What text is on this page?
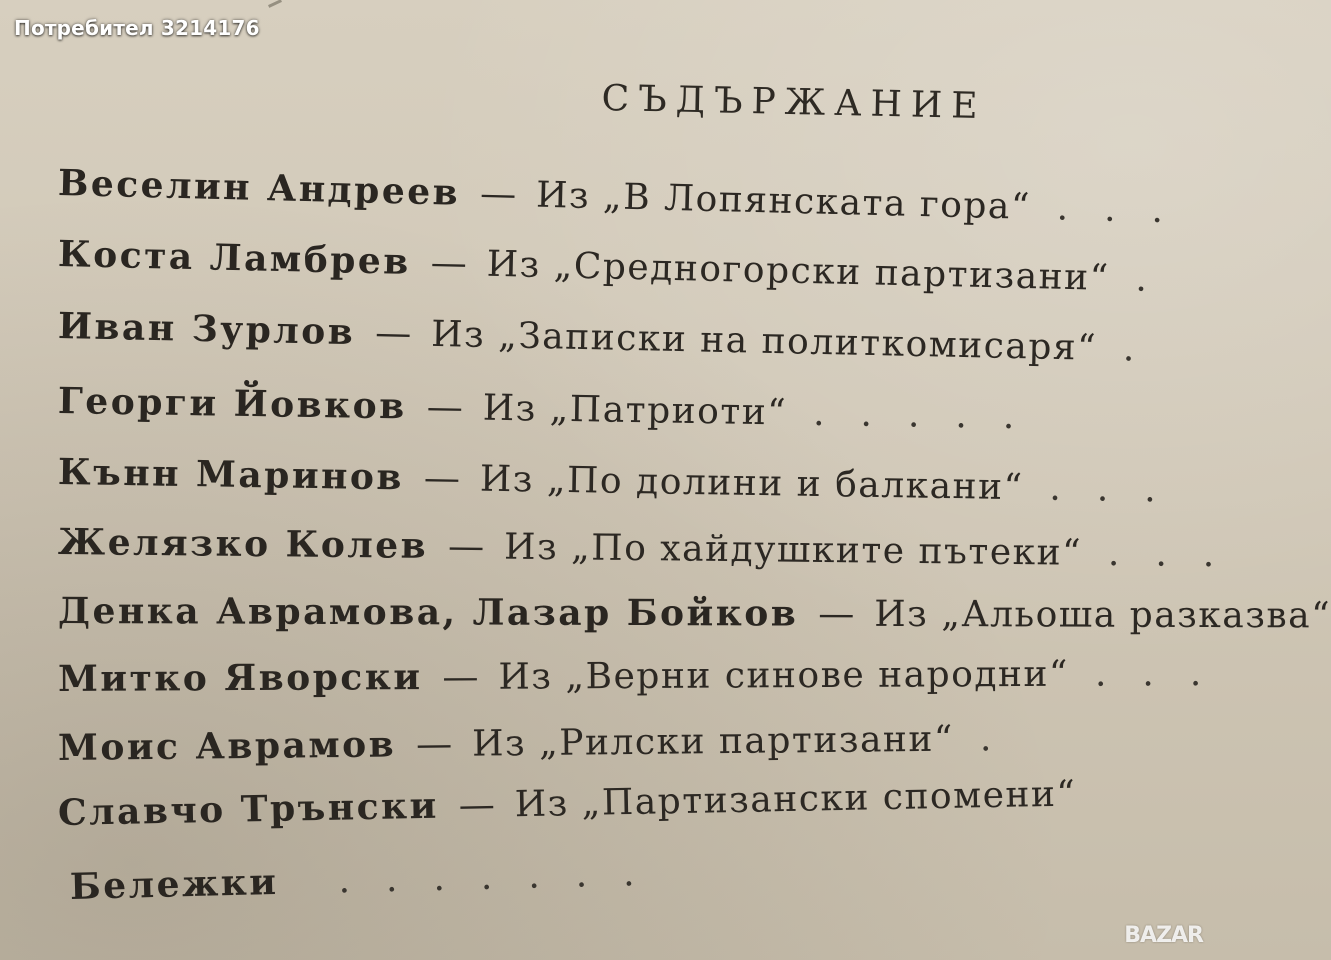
Потребител 3214176
СЪДЪРЖАНИЕ
Веселин Андреев — Из „В Лопянската гора“ ...
Коста Ламбрев — Из „Средногорски партизани“ .
Иван Зурлов — Из „Записки на политкомисаря“ .
Георги Йовков — Из „Патриоти“ .....
Кънн Маринов — Из „По долини и балкани“ ...
Желязко Колев — Из „По хайдушките пътеки“ ...
Денка Аврамова, Лазар Бойков — Из „Альоша разказва“
Митко Яворски — Из „Верни синове народни“ ...
Моис Аврамов — Из „Рилски партизани“ .
Славчо Трънски — Из „Партизански спомени“
Бележки .......
BAZAR
